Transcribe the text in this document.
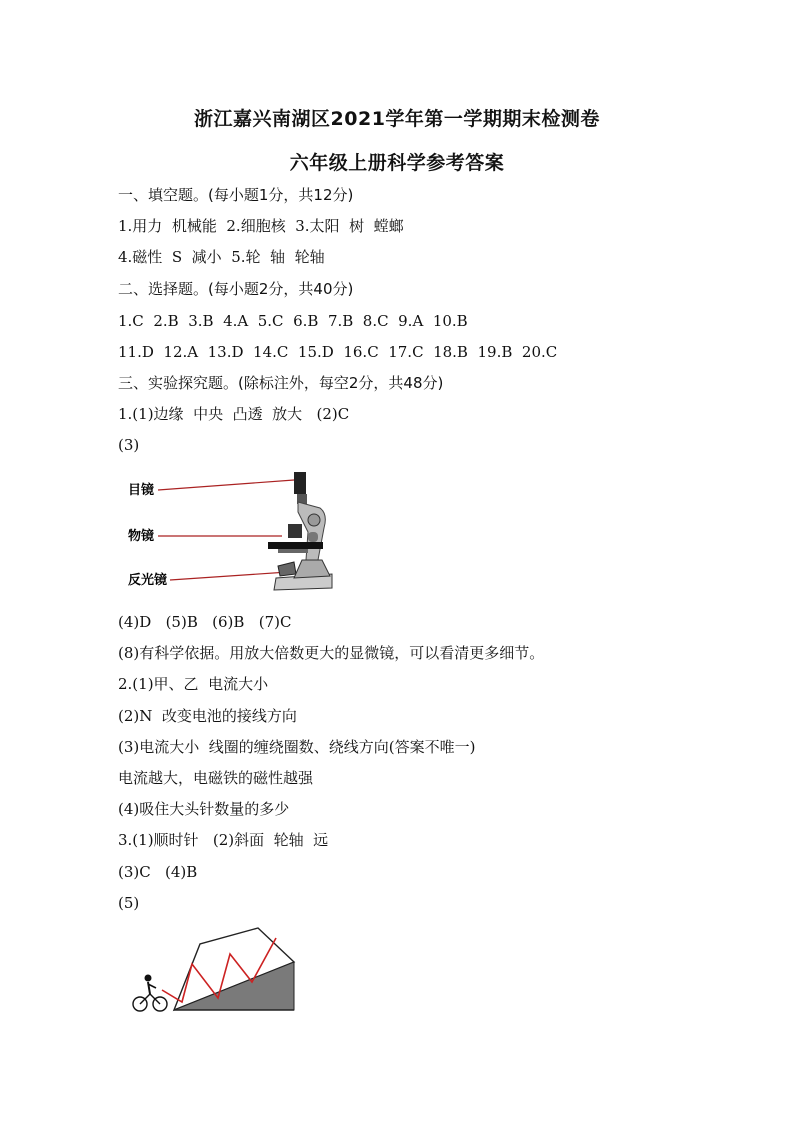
浙江嘉兴南湖区2021学年第一学期期末检测卷
六年级上册科学参考答案
一、填空题。(每小题1分，共12分)
1.用力  机械能  2.细胞核  3.太阳  树  螳螂
4.磁性  S  减小  5.轮  轴  轮轴
二、选择题。(每小题2分，共40分)
1.C  2.B  3.B  4.A  5.C  6.B  7.B  8.C  9.A  10.B
11.D  12.A  13.D  14.C  15.D  16.C  17.C  18.B  19.B  20.C
三、实验探究题。(除标注外，每空2分，共48分)
1.(1)边缘  中央  凸透  放大   (2)C
(3)
目镜
物镜
反光镜
(4)D   (5)B   (6)B   (7)C
(8)有科学依据。用放大倍数更大的显微镜，可以看清更多细节。
2.(1)甲、乙  电流大小
(2)N  改变电池的接线方向
(3)电流大小  线圈的缠绕圈数、绕线方向(答案不唯一)
电流越大，电磁铁的磁性越强
(4)吸住大头针数量的多少
3.(1)顺时针   (2)斜面  轮轴  远
(3)C   (4)B
(5)
